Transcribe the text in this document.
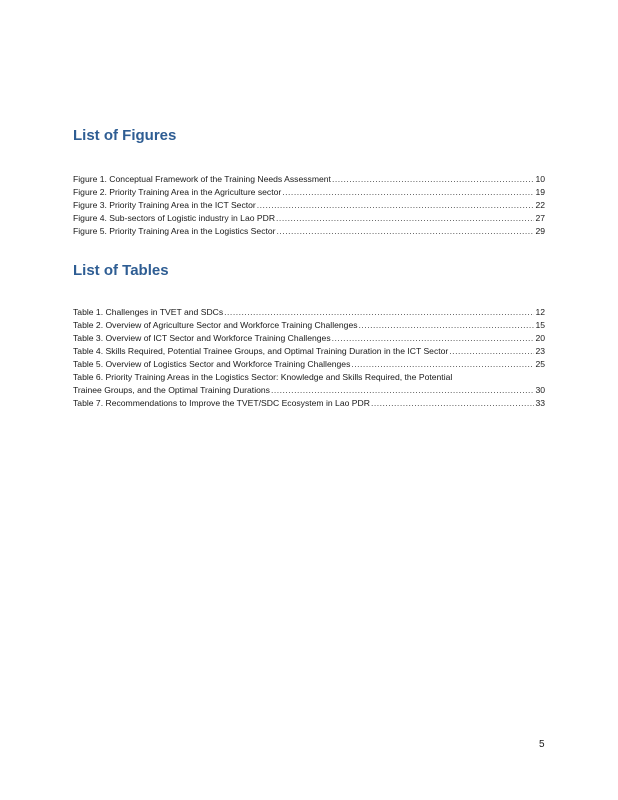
List of Figures
Figure 1. Conceptual Framework of the Training Needs Assessment .....	10
Figure 2. Priority Training Area in the Agriculture sector .....	19
Figure 3. Priority Training Area in the ICT Sector .....	22
Figure 4. Sub-sectors of Logistic industry in Lao PDR .....	27
Figure 5. Priority Training Area in the Logistics Sector .....	29
List of Tables
Table 1. Challenges in TVET and SDCs .....	12
Table 2. Overview of Agriculture Sector and Workforce Training Challenges .....	15
Table 3. Overview of ICT Sector and Workforce Training Challenges .....	20
Table 4. Skills Required, Potential Trainee Groups, and Optimal Training Duration in the ICT Sector .....	23
Table 5. Overview of Logistics Sector and Workforce Training Challenges .....	25
Table 6. Priority Training Areas in the Logistics Sector: Knowledge and Skills Required, the Potential
Trainee Groups, and the Optimal Training Durations .....	30
Table 7. Recommendations to Improve the TVET/SDC Ecosystem in Lao PDR .....	33
5
